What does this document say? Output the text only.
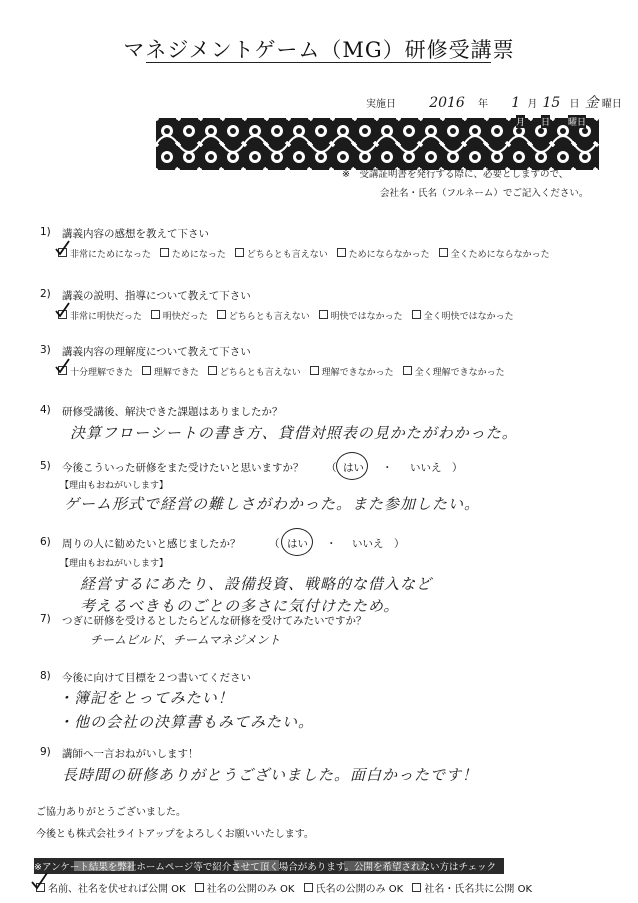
マネジメントゲーム（MG）研修受講票
実施日 2016 年 1 月 15 日 金 曜日
月 日 曜日
※　受講証明書を発行する際に、必要としますので、
会社名・氏名（フルネーム）でご記入ください。
1) 講義内容の感想を教えて下さい
非常にためになった ためになった どちらとも言えない ためにならなかった 全くためにならなかった
2) 講義の説明、指導について教えて下さい
非常に明快だった 明快だった どちらとも言えない 明快ではなかった 全く明快ではなかった
3) 講義内容の理解度について教えて下さい
十分理解できた 理解できた どちらとも言えない 理解できなかった 全く理解できなかった
4) 研修受講後、解決できた課題はありましたか？
決算フローシートの書き方、貸借対照表の見かたがわかった。
5) 今後こういった研修をまた受けたいと思いますか？ （ はい ・ いいえ ）
【理由もおねがいします】
ゲーム形式で経営の難しさがわかった。また参加したい。
6) 周りの人に勧めたいと感じましたか？	（ はい ・ いいえ ）
【理由もおねがいします】
経営するにあたり、設備投資、戦略的な借入など
考えるべきものごとの多さに気付けたため。
7) つぎに研修を受けるとしたらどんな研修を受けてみたいですか？
チームビルド、チームマネジメント
8) 今後に向けて目標を２つ書いてください
・簿記をとってみたい！
・他の会社の決算書もみてみたい。
9) 講師へ一言おねがいします！
長時間の研修ありがとうございました。面白かったです！
ご協力ありがとうございました。
今後とも株式会社ライトアップをよろしくお願いいたします。
※アンケート結果を弊社ホームページ等で紹介させて頂く場合があります。公開を希望されない方はチェックをお願いいたします
名前、社名を伏せれば公開 OK 社名の公開のみ OK 氏名の公開のみ OK 社名・氏名共に公開 OK
